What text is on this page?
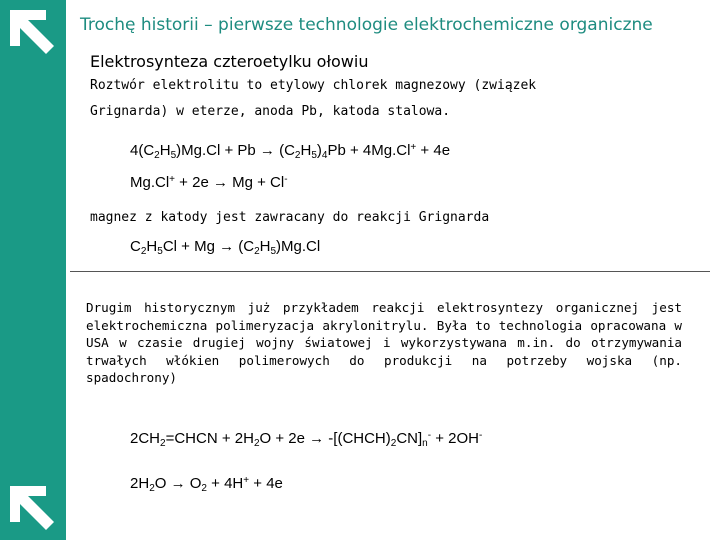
Trochę historii – pierwsze technologie elektrochemiczne organiczne
Elektrosynteza czteroetylku ołowiu
Roztwór elektrolitu to etylowy chlorek magnezowy (związek
Grignarda) w eterze, anoda Pb, katoda stalowa.
$4(C_2H_5)Mg.Cl + Pb \to (C_2H_5)_4Pb + 4Mg.Cl^+ + 4e$
Mg.Cl+ + 2e → Mg + Cl-
magnez z katody jest zawracany do reakcji Grignarda
$C_2H_5Cl + Mg \to (C_2H_5)Mg.Cl$
Drugim historycznym już przykładem reakcji elektrosyntezy organicznej jest elektrochemiczna polimeryzacja akrylonitrylu. Była to technologia opracowana w USA w czasie drugiej wojny światowej i wykorzystywana m.in. do otrzymywania trwałych włókien polimerowych do produkcji na potrzeby wojska (np. spadochrony)
$2CH_2=CHCN + 2H_2O + 2e$ → $-[(CHCH)_2CN]_n^- + 2OH^-$
$2H_2O \to O_2 + 4H^+ + 4e$
